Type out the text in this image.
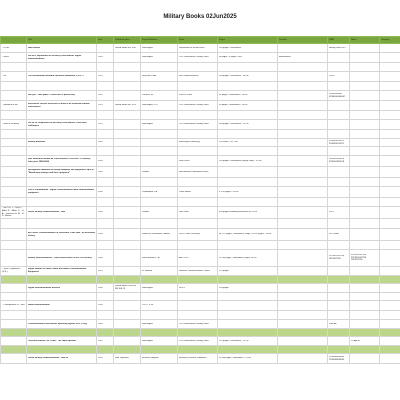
Military Books 02Jun2025
	Title	Year	Published place	Report/Publisher	Place	Pages	Location	ISBN	Notes	Category

...is Ltd.	Nato airmen		United States ed. 1967	Washington	Department of the Air Force	130 pages - illustrations		Military Instit 1967		

...iteurs	FM 45-5, Department of the Army Field Manual: Signal communications	1945		Washington	U.S. Government Printing Office	vii pages - 4 pages - illus	Bookshelves			

...ick	The international standard electronic handbook, 1976-77	1976		Gray Box Code	RIE Communications	180 pages - illustrations - 28 cm		978-0		

	Will you ~ take place. Prefect this in pocket buy	1965		Chinese, SF	Prince's Press	34 pages - illustrations - 28 cm		97880000000 07880000000007		

...partment of the	Electronics circuits Reference to build in an electronic warfare environment	1974	United States ed. 1973	Washington, D.C.	U.S. Government Printing Office	30 pages - illustrations - 28 cm				

...rtion of the Army	FM 24-18, Department of the Army Field Manual: Field radio techniques	1952		Washington	U.S. Government Printing Office	166 pages - illustrations - 22 cm				

	Military Antennas	1989			Boucheryld Publishing	198 ciates - 32.2 cm		9780859101871 9780859101871		

	Late lamented combat Air Pinot Network: 1993-2007 = Formerly Lake post, 1989-2004	2009			Stilts Press	130 pages - illustrations (mostly color) - 22 cm		9780901863078 9780901863078		

	Recognition handbook of foreign weapons and equipment: april to "Board army airways and their equipment"	1985		London	War Materiel Publications Office					

	Pilot's Prohandbook : Signal Communication radio communication equipment	1994		Philadelphia, PA	Prime Books	v, 128 pages - 24 cm				

...ow O.S. J. ...ions P., Allen, N. ...Allen, C. ...in A. ...lawrence H. M. ...D. S., Manos	Soviet military communications, 1945	1990		London	Utah Pubs	400 pages including illustrations of 23 cm		9979		

	Air Forces Communications in Greenland, 1940-1945 : an illustrated history	1990		Fonds For Fratellanza / Artiste	VKFO Office of history	vii, 125 pages : illustrations, maps; 32 cm, pages : 28 cm		9781 6060		

	Military communications : from ancient times to the 21st century	2008		Santa Barbara, CA	ABC-CLIO	iii, 580 pages : illustrations, maps; 26 cm		9781851097326 1851097326	9781851097326 9781851097326 1851097326	

...ssion Capabilities ...(U.S.)	Signal Warfare in Radio, Radar and Radio-Communications Equipment	1973		Ft. Monroe	Defense Communications Center	273 pages				

	Signal communications doctrine	1969	United States 1969 ed. FM 100-73	Washington	SFS 4	104 pages				

...t components of ...ales	Radio communication	1949		U.S. P. S. A.						

	Communications instructions operating signals. ACP 131(c)	1964		Washington	U.S. Government Printing Office			Plan AB		

	Technical manual TM 11-460 : The radio operator	1941		Washington	U.S. Government Printing Office	122 pages - illustrations - 21 cm			12-Apr-81	

	Soviet military communications, 1945-90	1993	With Japanese	Brussels, Belgium	Brassey's Defense Publishers	iii, 388 pages : illustrations - 23 cm		9780080408989 9780080408989		
